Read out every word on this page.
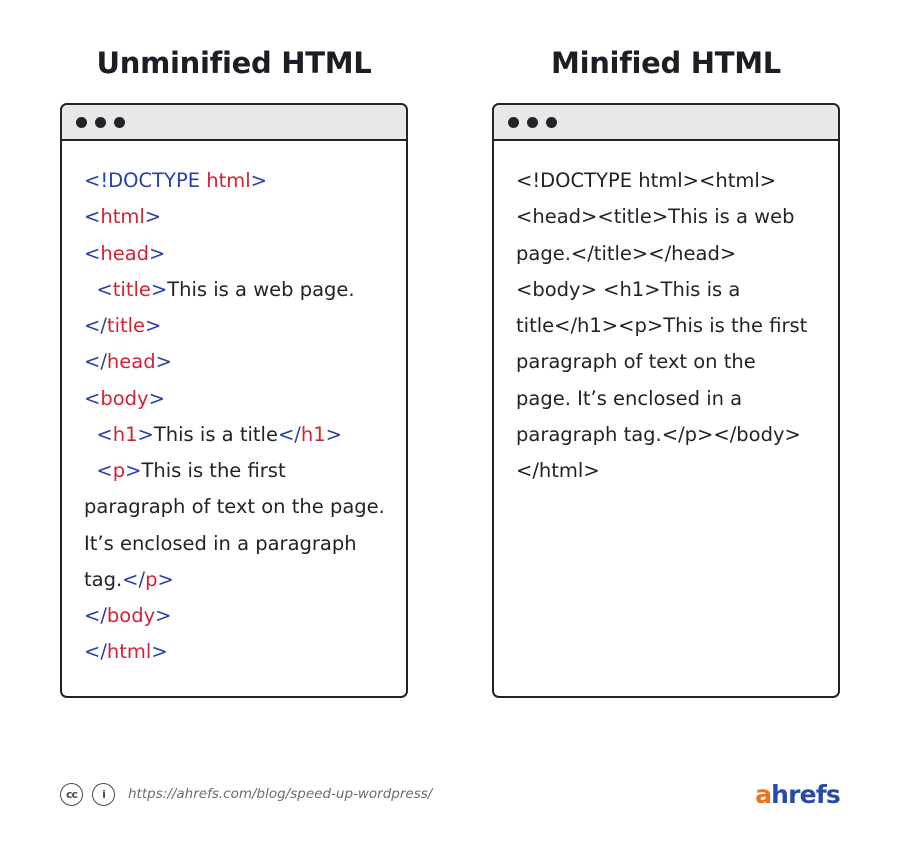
Unminified HTML
<!DOCTYPE html>
<html>
<head>
<title>This is a web page.</title>
</head>
<body>
<h1>This is a title</h1>
<p>This is the first paragraph of text on the page. It’s enclosed in a paragraph tag.</p>
</body>
</html>
Minified HTML
<!DOCTYPE html><html><head><title>This is a web page.</title></head><body> <h1>This is a title</h1><p>This is the first paragraph of text on the page. It’s enclosed in a paragraph tag.</p></body></html>
cc	i	https://ahrefs.com/blog/speed-up-wordpress/	a hrefs
